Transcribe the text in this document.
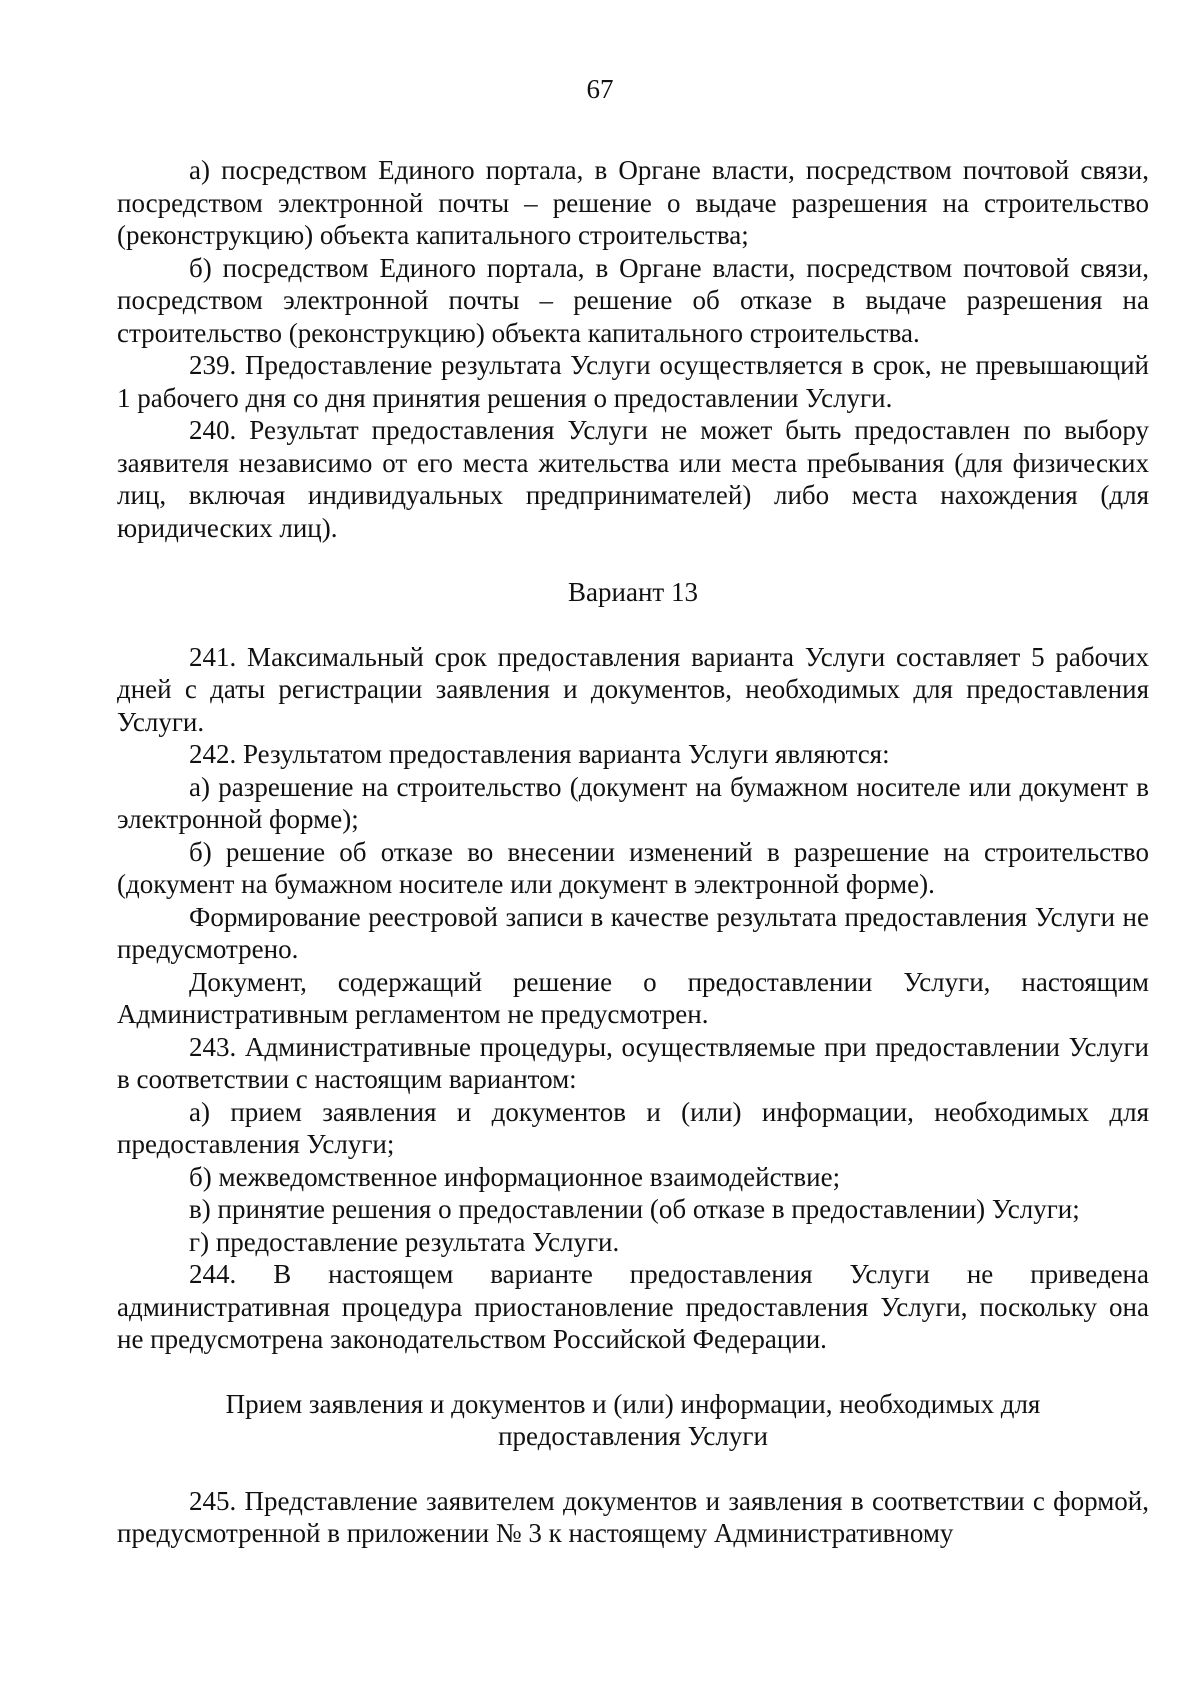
67

а) посредством Единого портала, в Органе власти, посредством почтовой связи, посредством электронной почты – решение о выдаче разрешения на строительство (реконструкцию) объекта капитального строительства;

б) посредством Единого портала, в Органе власти, посредством почтовой связи, посредством электронной почты – решение об отказе в выдаче разрешения на строительство (реконструкцию) объекта капитального строительства.

239. Предоставление результата Услуги осуществляется в срок, не превышающий 1 рабочего дня со дня принятия решения о предоставлении Услуги.

240. Результат предоставления Услуги не может быть предоставлен по выбору заявителя независимо от его места жительства или места пребывания (для физических лиц, включая индивидуальных предпринимателей) либо места нахождения (для юридических лиц).

Вариант 13

241. Максимальный срок предоставления варианта Услуги составляет 5 рабочих дней с даты регистрации заявления и документов, необходимых для предоставления Услуги.

242. Результатом предоставления варианта Услуги являются:

а) разрешение на строительство (документ на бумажном носителе или документ в электронной форме);

б) решение об отказе во внесении изменений в разрешение на строительство (документ на бумажном носителе или документ в электронной форме).

Формирование реестровой записи в качестве результата предоставления Услуги не предусмотрено.

Документ, содержащий решение о предоставлении Услуги, настоящим Административным регламентом не предусмотрен.

243. Административные процедуры, осуществляемые при предоставлении Услуги в соответствии с настоящим вариантом:

а) прием заявления и документов и (или) информации, необходимых для предоставления Услуги;

б) межведомственное информационное взаимодействие;

в) принятие решения о предоставлении (об отказе в предоставлении) Услуги;

г) предоставление результата Услуги.

244. В настоящем варианте предоставления Услуги не приведена административная процедура приостановление предоставления Услуги, поскольку она не предусмотрена законодательством Российской Федерации.

Прием заявления и документов и (или) информации, необходимых для предоставления Услуги

245. Представление заявителем документов и заявления в соответствии с формой, предусмотренной в приложении № 3 к настоящему Административному
